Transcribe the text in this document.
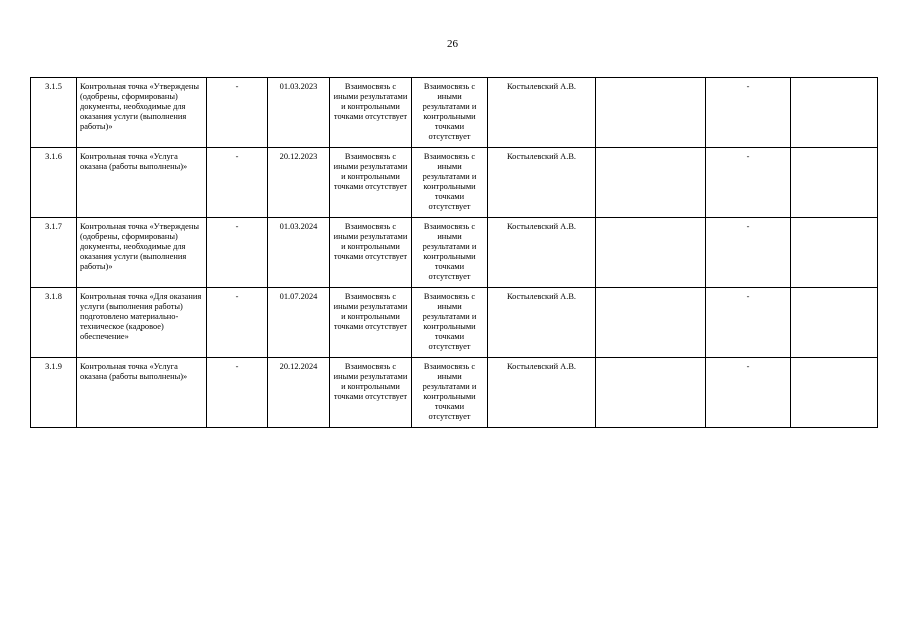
26
3.1.5	Контрольная точка «Утверждены (одобрены, сформированы) документы, необходимые для оказания услуги (выполнения работы)»	-	01.03.2023	Взаимосвязь с иными результатами и контрольными точками отсутствует	Взаимосвязь с иными результатами и контрольными точками отсутствует	Костылевский А.В.		-	
3.1.6	Контрольная точка «Услуга оказана (работы выполнены)»	-	20.12.2023	Взаимосвязь с иными результатами и контрольными точками отсутствует	Взаимосвязь с иными результатами и контрольными точками отсутствует	Костылевский А.В.		-	
3.1.7	Контрольная точка «Утверждены (одобрены, сформированы) документы, необходимые для оказания услуги (выполнения работы)»	-	01.03.2024	Взаимосвязь с иными результатами и контрольными точками отсутствует	Взаимосвязь с иными результатами и контрольными точками отсутствует	Костылевский А.В.		-	
3.1.8	Контрольная точка «Для оказания услуги (выполнения работы) подготовлено материально-техническое (кадровое) обеспечение»	-	01.07.2024	Взаимосвязь с иными результатами и контрольными точками отсутствует	Взаимосвязь с иными результатами и контрольными точками отсутствует	Костылевский А.В.		-	
3.1.9	Контрольная точка «Услуга оказана (работы выполнены)»	-	20.12.2024	Взаимосвязь с иными результатами и контрольными точками отсутствует	Взаимосвязь с иными результатами и контрольными точками отсутствует	Костылевский А.В.		-	
